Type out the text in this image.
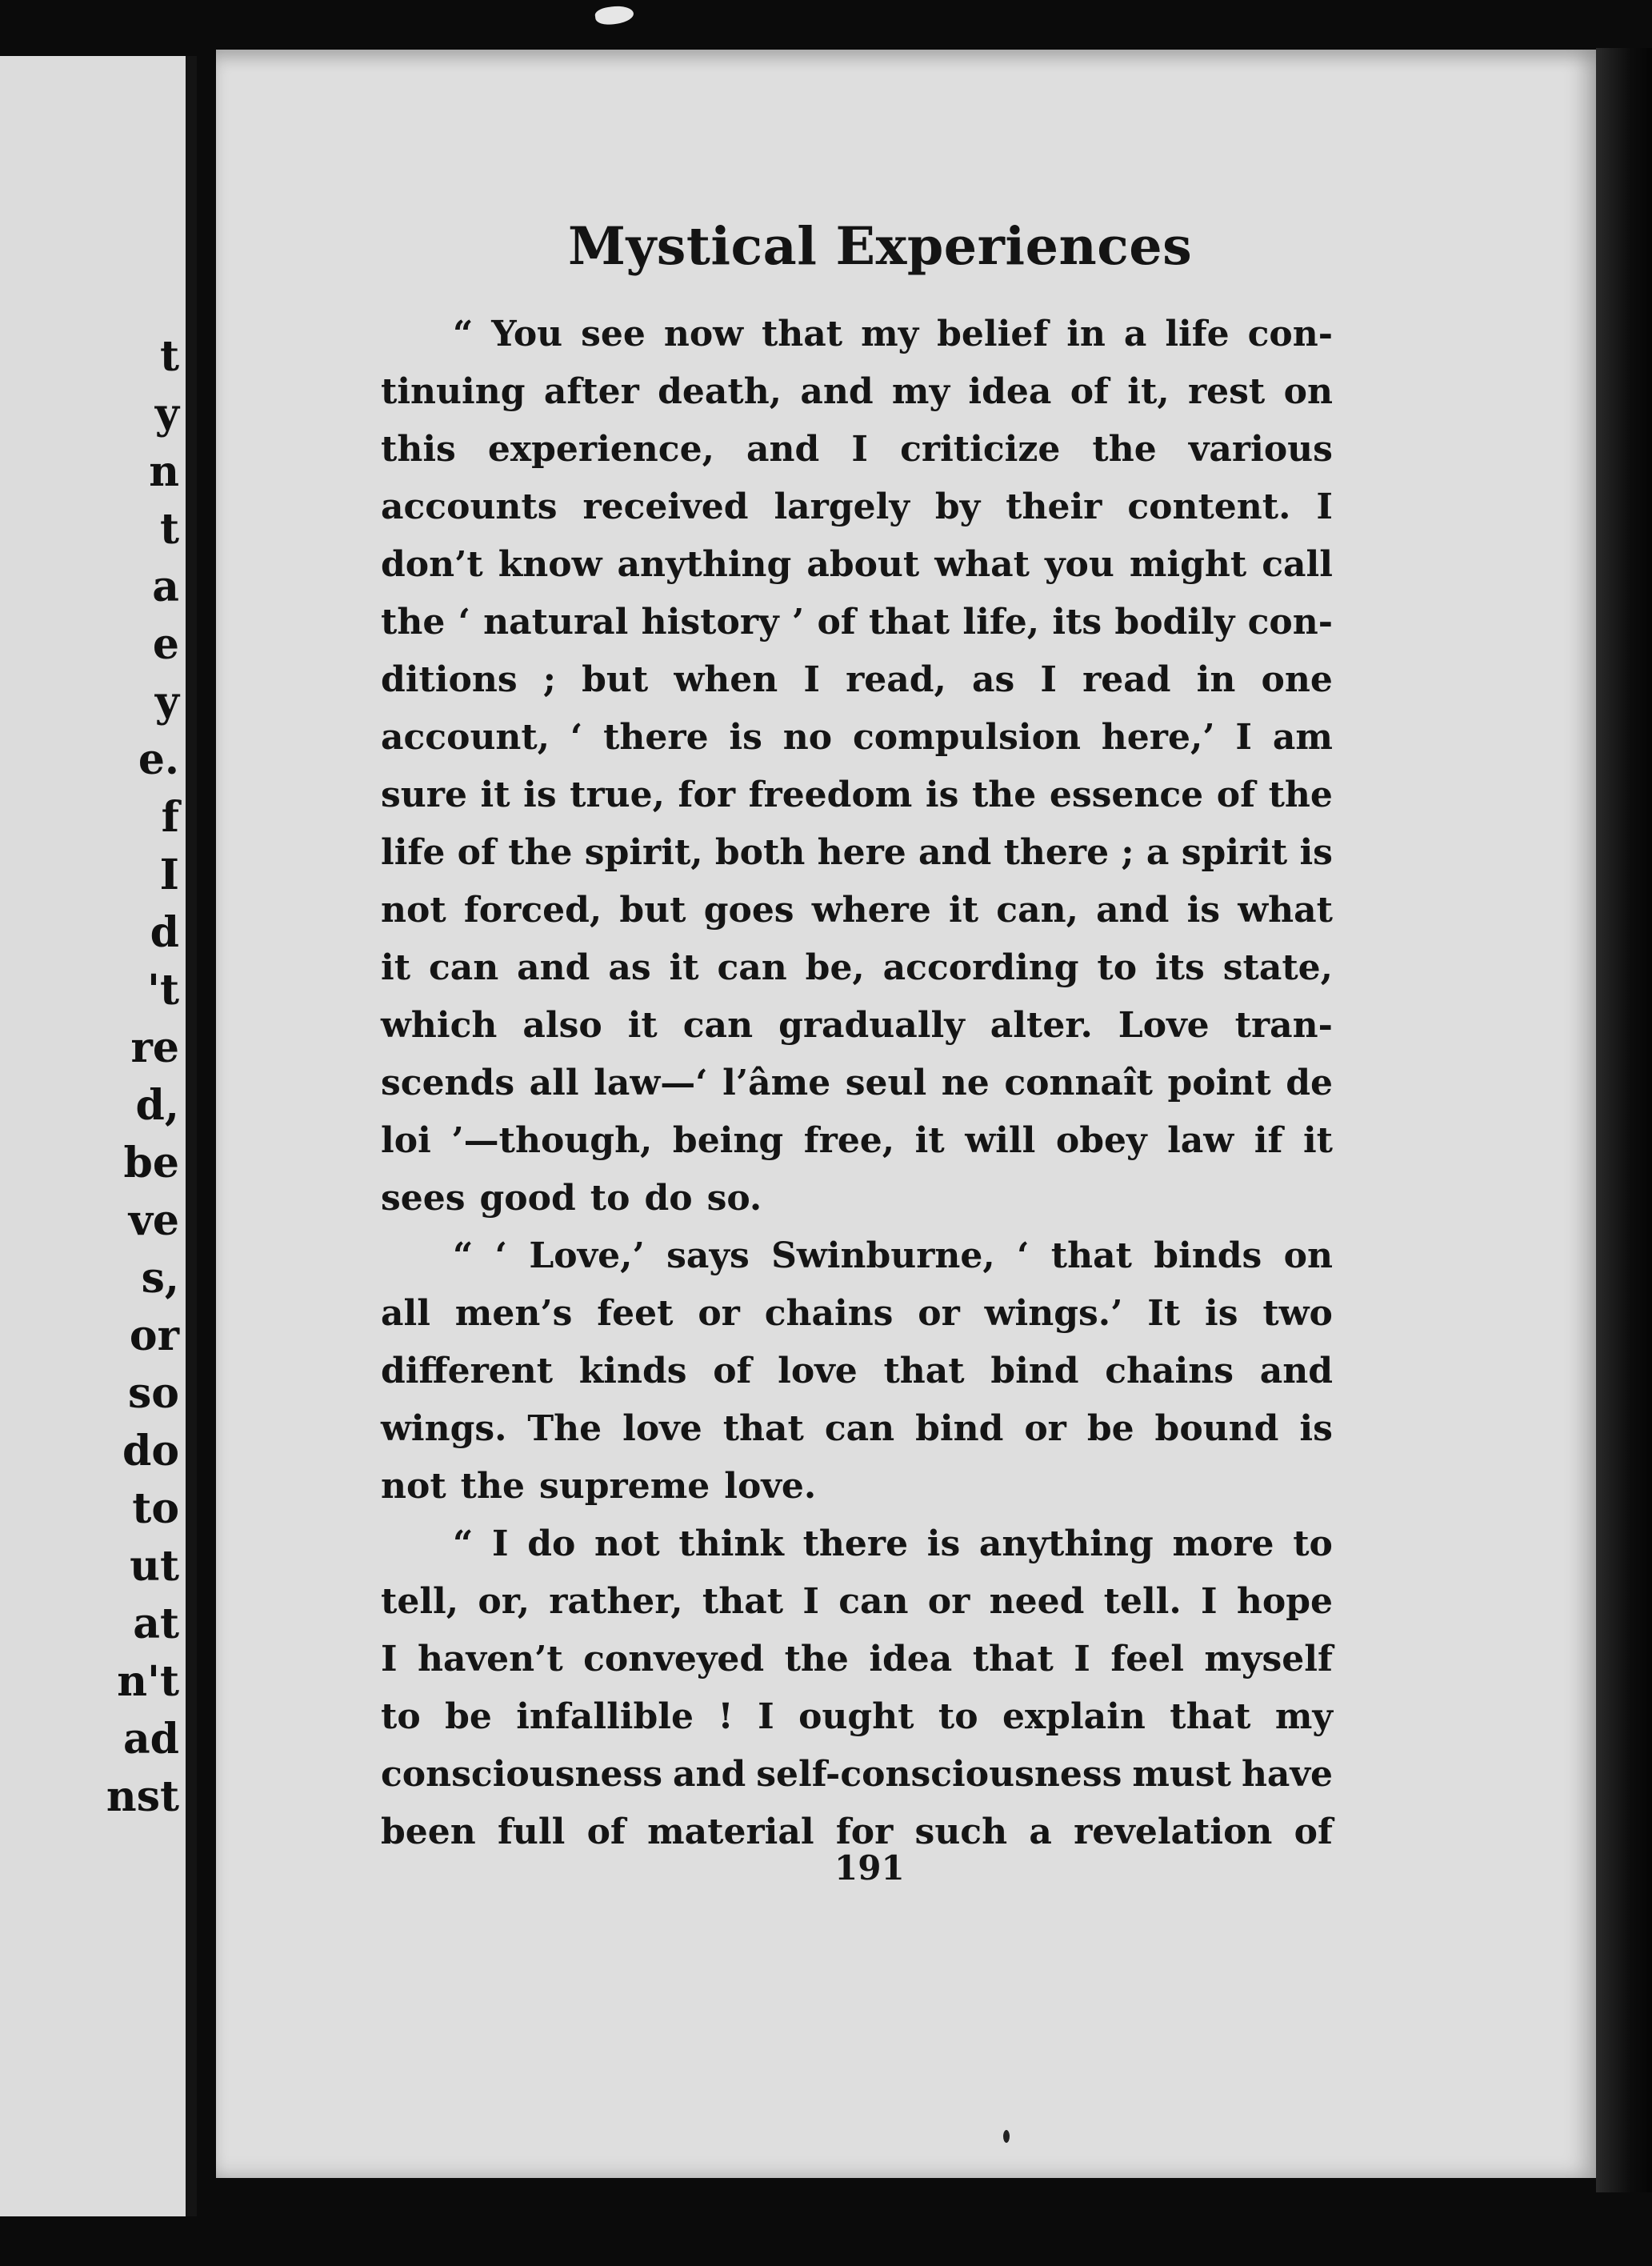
t
y
n
t
a
e
y
e.
f
I
d
't
re
d,
be
ve
s,
or
so
do
to
ut
at
n't
ad
nst
Mystical Experiences
“ You see now that my belief in a life con-
tinuing after death, and my idea of it, rest on
this experience, and I criticize the various
accounts received largely by their content. I
don’t know anything about what you might call
the ‘ natural history ’ of that life, its bodily con-
ditions ; but when I read, as I read in one
account, ‘ there is no compulsion here,’ I am
sure it is true, for freedom is the essence of the
life of the spirit, both here and there ; a spirit is
not forced, but goes where it can, and is what
it can and as it can be, according to its state,
which also it can gradually alter. Love tran-
scends all law—‘ l’âme seul ne connaît point de
loi ’—though, being free, it will obey law if it
sees good to do so.
“ ‘ Love,’ says Swinburne, ‘ that binds on
all men’s feet or chains or wings.’ It is two
different kinds of love that bind chains and
wings. The love that can bind or be bound is
not the supreme love.
“ I do not think there is anything more to
tell, or, rather, that I can or need tell. I hope
I haven’t conveyed the idea that I feel myself
to be infallible ! I ought to explain that my
consciousness and self-consciousness must have
been full of material for such a revelation of
191
